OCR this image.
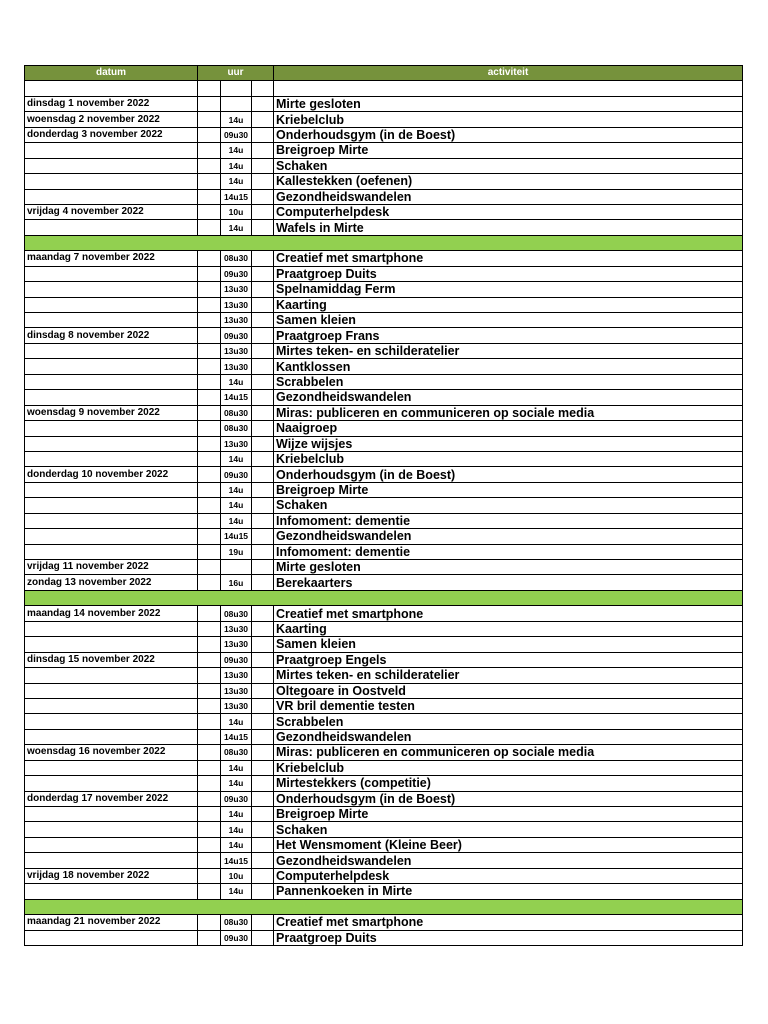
datum	uur			activiteit

dinsdag 1 november 2022				Mirte gesloten
woensdag 2 november 2022		14u		Kriebelclub
donderdag 3 november 2022		09u30		Onderhoudsgym (in de Boest)
		14u		Breigroep Mirte
		14u		Schaken
		14u		Kallestekken (oefenen)
		14u15		Gezondheidswandelen
vrijdag 4 november 2022		10u		Computerhelpdesk
		14u		Wafels in Mirte

maandag 7 november 2022		08u30		Creatief met smartphone
		09u30		Praatgroep Duits
		13u30		Spelnamiddag Ferm
		13u30		Kaarting
		13u30		Samen kleien
dinsdag 8 november 2022		09u30		Praatgroep Frans
		13u30		Mirtes teken- en schilderatelier
		13u30		Kantklossen
		14u		Scrabbelen
		14u15		Gezondheidswandelen
woensdag 9 november 2022		08u30		Miras: publiceren en communiceren op sociale media
		08u30		Naaigroep
		13u30		Wijze wijsjes
		14u		Kriebelclub
donderdag 10 november 2022		09u30		Onderhoudsgym (in de Boest)
		14u		Breigroep Mirte
		14u		Schaken
		14u		Infomoment: dementie
		14u15		Gezondheidswandelen
		19u		Infomoment: dementie
vrijdag 11 november 2022				Mirte gesloten
zondag 13 november 2022		16u		Berekaarters

maandag 14 november 2022		08u30		Creatief met smartphone
		13u30		Kaarting
		13u30		Samen kleien
dinsdag 15 november 2022		09u30		Praatgroep Engels
		13u30		Mirtes teken- en schilderatelier
		13u30		Oltegoare in Oostveld
		13u30		VR bril dementie testen
		14u		Scrabbelen
		14u15		Gezondheidswandelen
woensdag 16 november 2022		08u30		Miras: publiceren en communiceren op sociale media
		14u		Kriebelclub
		14u		Mirtestekkers (competitie)
donderdag 17 november 2022		09u30		Onderhoudsgym (in de Boest)
		14u		Breigroep Mirte
		14u		Schaken
		14u		Het Wensmoment (Kleine Beer)
		14u15		Gezondheidswandelen
vrijdag 18 november 2022		10u		Computerhelpdesk
		14u		Pannenkoeken in Mirte

maandag 21 november 2022		08u30		Creatief met smartphone
		09u30		Praatgroep Duits
